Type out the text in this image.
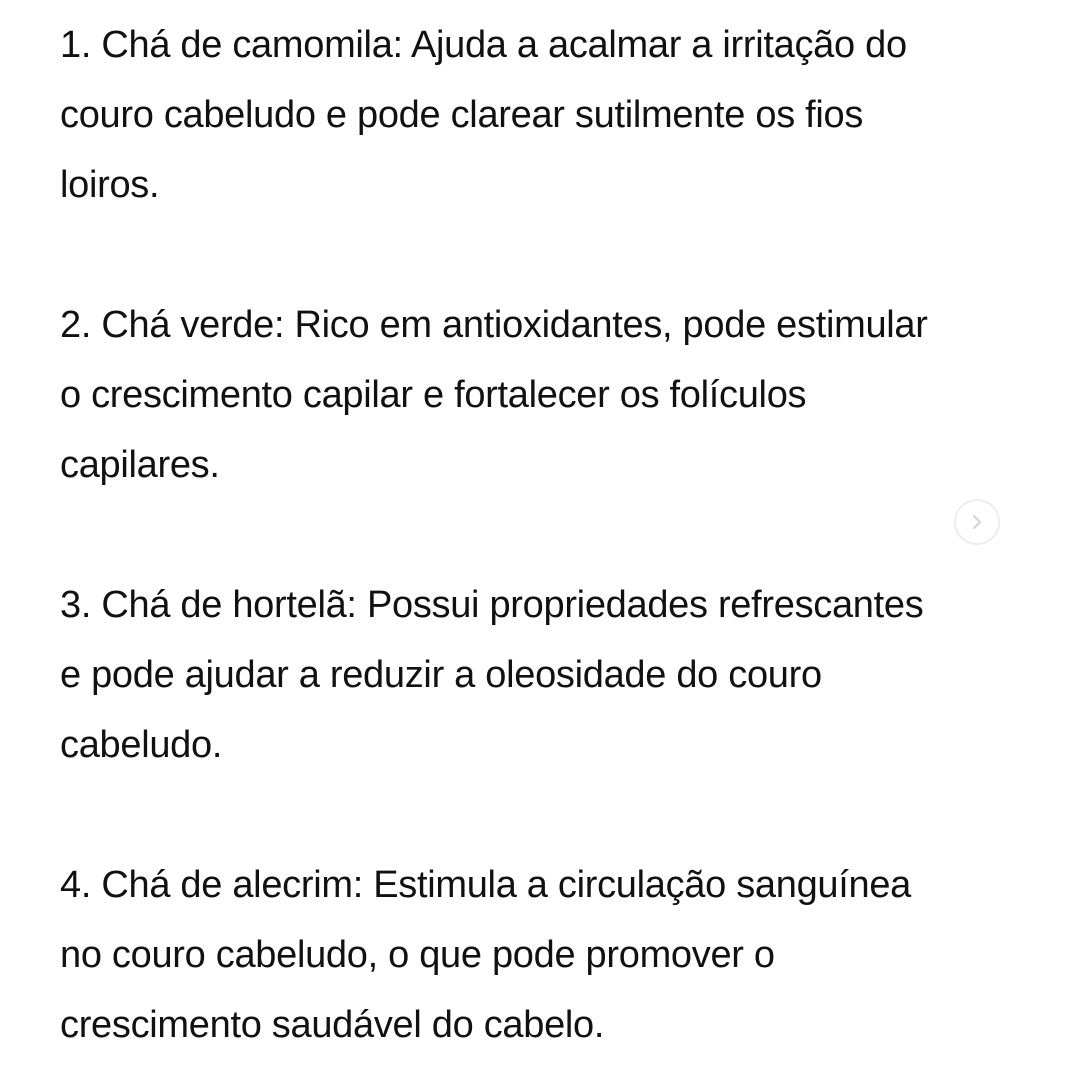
1. Chá de camomila: Ajuda a acalmar a irritação do
couro cabeludo e pode clarear sutilmente os fios
loiros.

2. Chá verde: Rico em antioxidantes, pode estimular
o crescimento capilar e fortalecer os folículos
capilares.

3. Chá de hortelã: Possui propriedades refrescantes
e pode ajudar a reduzir a oleosidade do couro
cabeludo.

4. Chá de alecrim: Estimula a circulação sanguínea
no couro cabeludo, o que pode promover o
crescimento saudável do cabelo.
